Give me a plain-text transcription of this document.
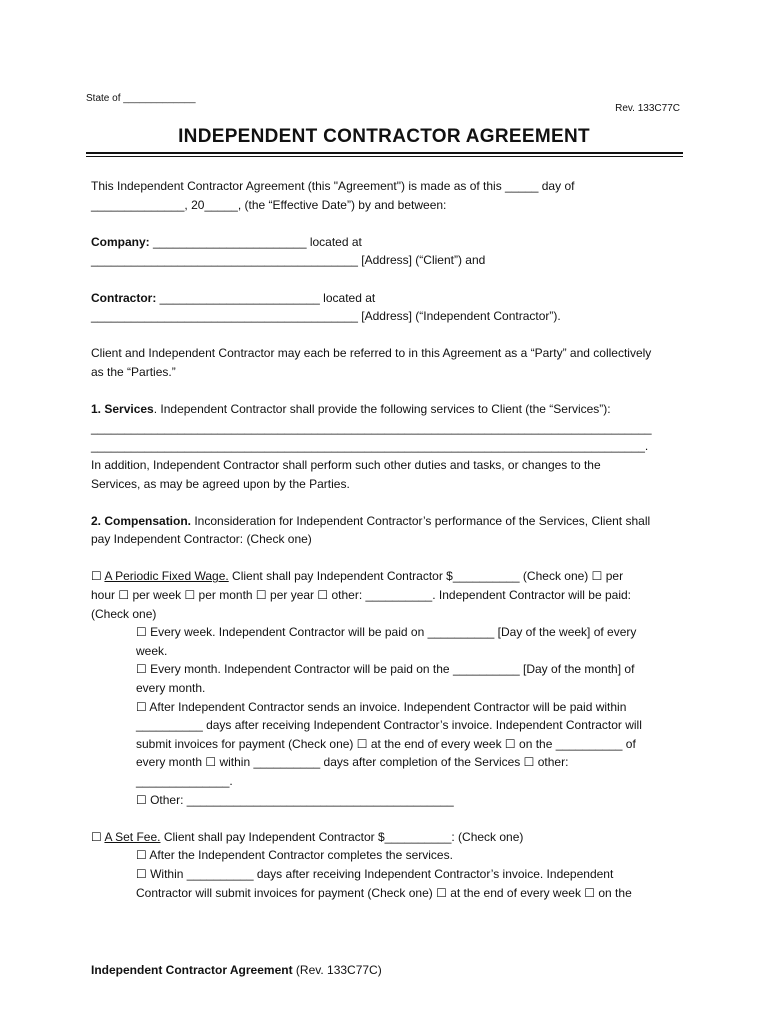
State of _____________
Rev. 133C77C
INDEPENDENT CONTRACTOR AGREEMENT

This Independent Contractor Agreement (this "Agreement") is made as of this _____ day of

______________, 20_____, (the “Effective Date”) by and between:

Company: _______________________ located at

________________________________________ [Address] (“Client”) and

Contractor: ________________________ located at

________________________________________ [Address] (“Independent Contractor”).

Client and Independent Contractor may each be referred to in this Agreement as a “Party” and collectively

as the “Parties.”

1. Services. Independent Contractor shall provide the following services to Client (the “Services”):

____________________________________________________________________________________

___________________________________________________________________________________.

In addition, Independent Contractor shall perform such other duties and tasks, or changes to the

Services, as may be agreed upon by the Parties.

2. Compensation. Inconsideration for Independent Contractor’s performance of the Services, Client shall

pay Independent Contractor: (Check one)

☐ A Periodic Fixed Wage. Client shall pay Independent Contractor $__________ (Check one) ☐ per

hour ☐ per week ☐ per month ☐ per year ☐ other: __________. Independent Contractor will be paid:

(Check one)

☐ Every week. Independent Contractor will be paid on __________ [Day of the week] of every

week.

☐ Every month. Independent Contractor will be paid on the __________ [Day of the month] of

every month.

☐ After Independent Contractor sends an invoice. Independent Contractor will be paid within

__________ days after receiving Independent Contractor’s invoice. Independent Contractor will

submit invoices for payment (Check one) ☐ at the end of every week ☐ on the __________ of

every month ☐ within __________ days after completion of the Services ☐ other:

______________.

☐ Other: ________________________________________

☐ A Set Fee. Client shall pay Independent Contractor $__________: (Check one)

☐ After the Independent Contractor completes the services.

☐ Within __________ days after receiving Independent Contractor’s invoice. Independent

Contractor will submit invoices for payment (Check one) ☐ at the end of every week ☐ on the

Independent Contractor Agreement (Rev. 133C77C)
